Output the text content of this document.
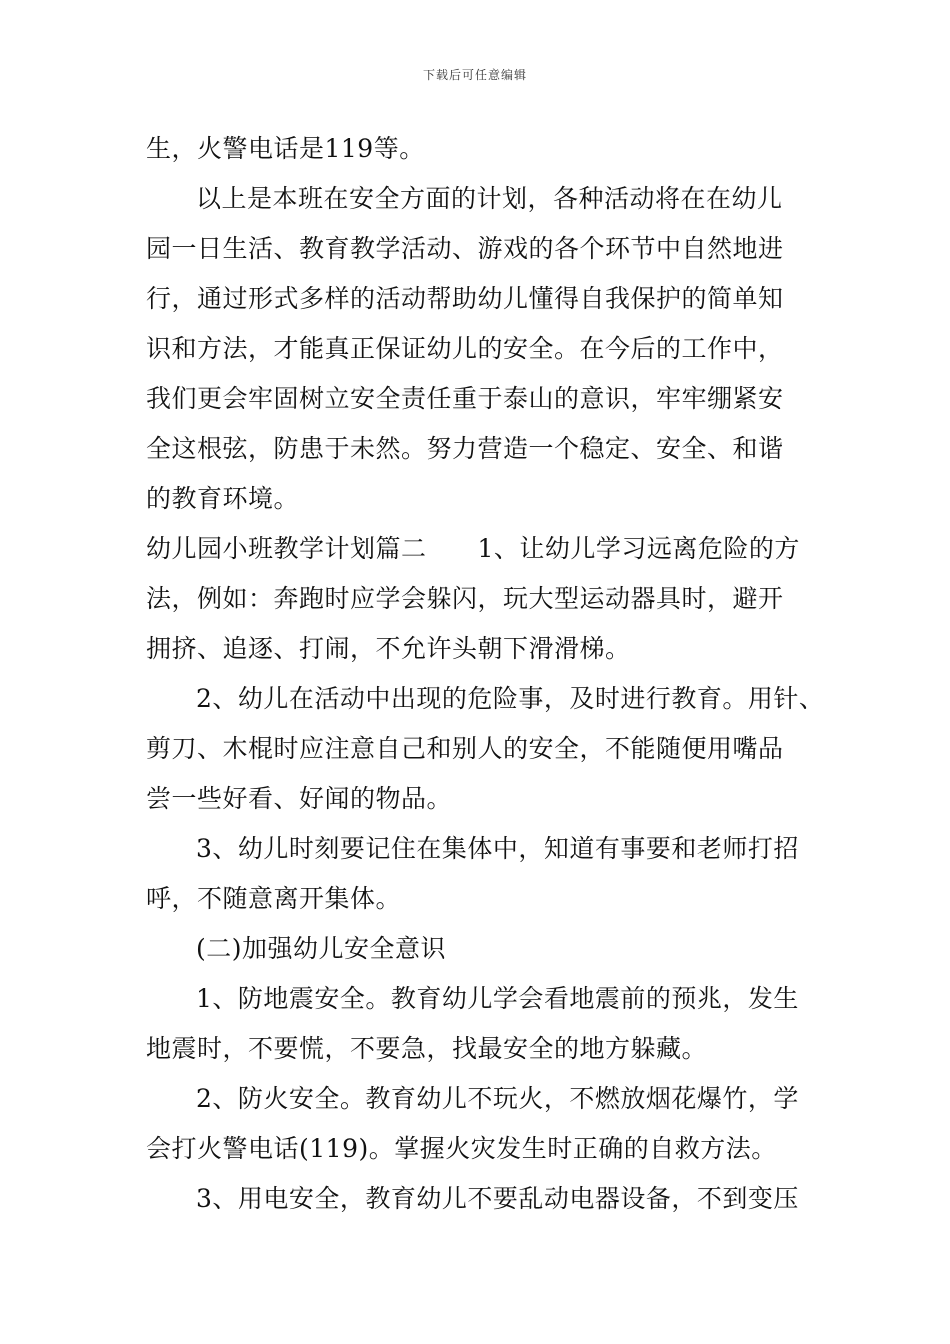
下载后可任意编辑
生，火警电话是119等。
以上是本班在安全方面的计划，各种活动将在在幼儿
园一日生活、教育教学活动、游戏的各个环节中自然地进
行，通过形式多样的活动帮助幼儿懂得自我保护的简单知
识和方法，才能真正保证幼儿的安全。在今后的工作中，
我们更会牢固树立安全责任重于泰山的意识，牢牢绷紧安
全这根弦，防患于未然。努力营造一个稳定、安全、和谐
的教育环境。
幼儿园小班教学计划篇二　　1、让幼儿学习远离危险的方
法，例如：奔跑时应学会躲闪，玩大型运动器具时，避开
拥挤、追逐、打闹，不允许头朝下滑滑梯。
2、幼儿在活动中出现的危险事，及时进行教育。用针、
剪刀、木棍时应注意自己和别人的安全，不能随便用嘴品
尝一些好看、好闻的物品。
3、幼儿时刻要记住在集体中，知道有事要和老师打招
呼，不随意离开集体。
(二)加强幼儿安全意识
1、防地震安全。教育幼儿学会看地震前的预兆，发生
地震时，不要慌，不要急，找最安全的地方躲藏。
2、防火安全。教育幼儿不玩火，不燃放烟花爆竹，学
会打火警电话(119)。掌握火灾发生时正确的自救方法。
3、用电安全，教育幼儿不要乱动电器设备，不到变压
